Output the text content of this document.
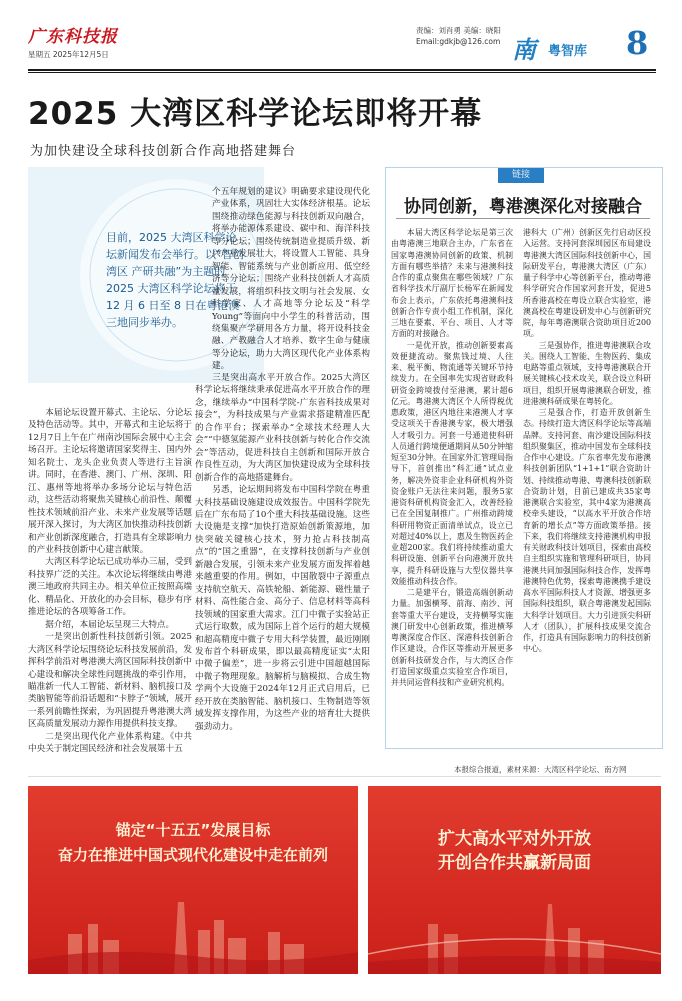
广东科技报
星期五 2025年12月5日
责编：刘肖勇 美编：晓阳
Email:gdkjb@126.com 南 粤智库 8
2025 大湾区科学论坛即将开幕
为加快建设全球科技创新合作高地搭建舞台
目前，2025 大湾区科学论坛新闻发布会举行。以“智创湾区 产研共融”为主题的 2025 大湾区科学论坛将于 12 月 6 日至 8 日在粤港澳三地同步举办。

本届论坛设置开幕式、主论坛、分论坛及特色活动等。其中，开幕式和主论坛将于12月7日上午在广州南沙国际会展中心主会场召开。主论坛将邀请国家奖得主、国内外知名院士、龙头企业负责人等进行主旨演讲。同时，在香港、澳门、广州、深圳、阳江、惠州等地将举办多场分论坛与特色活动，这些活动将聚焦关键核心前沿性、颠覆性技术领域前沿产业、未来产业发展等话题展开深入探讨，为大湾区加快推动科技创新和产业创新深度融合，打造具有全球影响力的产业科技创新中心建言献策。

大湾区科学论坛已成功举办三届，受到科技界广泛的关注。本次论坛将继续由粤港澳三地政府共同主办。相关单位正按照高端化、精品化、开放化的办会目标，稳步有序推进论坛的各项筹备工作。

据介绍，本届论坛呈现三大特点。

一是突出创新性科技创新引领。2025大湾区科学论坛围绕论坛科技发展前沿，发挥科学前沿对粤港澳大湾区国际科技创新中心建设和解决全球性问题挑战的牵引作用，瞄准新一代人工智能、新材料、脑机接口及类脑智能等前沿话题和“卡脖子”领域，展开一系列前瞻性探索，为巩固提升粤港澳大湾区高质量发展动力源作用提供科技支撑。

二是突出现代化产业体系构建。《中共中央关于制定国民经济和社会发展第十五

个五年规划的建议》明确要求建设现代化产业体系，巩固壮大实体经济根基。论坛围绕推动绿色能源与科技创新双向融合，将举办能源体系建设、碳中和、海洋科技等分论坛；围绕传统制造业提质升级、新兴产业发展壮大，将设置人工智能、具身智能、智能系统与产业创新应用、低空经济等分论坛；围绕产业科技创新人才高质量发展，将组织科技文明与社会发展、女科学家、人才高地等分论坛及“科学Young”等面向中小学生的科普活动，围绕集聚产学研用各方力量，将开设科技金融、产教融合人才培养、数字生命与健康等分论坛，助力大湾区现代化产业体系构建。

三是突出高水平开放合作。2025大湾区科学论坛将继续秉承促进高水平开放合作的理念，继续举办“中国科学院-广东省科技成果对接会”，为科技成果与产业需求搭建精准匹配的合作平台；探索举办“全球技术经理人大会”“中德氢能源产业科技创新与转化合作交流会”等活动，促进科技自主创新和国际开放合作良性互动，为大湾区加快建设成为全球科技创新合作的高地搭建舞台。

另悉，论坛期间将发布中国科学院在粤重大科技基础设施建设成效报告。中国科学院先后在广东布局了10个重大科技基础设施。这些大设施是支撑“加快打造原始创新策源地，加快突破关键核心技术，努力抢占科技制高点”的“国之重器”，在支撑科技创新与产业创新融合发展，引领未来产业发展方面发挥着越来越重要的作用。例如，中国散裂中子源重点支持航空航天、高铁轮船、新能源、磁性量子材料、高性能合金、高分子、信息材料等高科技领域的国家重大需求。江门中微子实验站正式运行取数，成为国际上首个运行的超大规模和超高精度中微子专用大科学装置，最近刚刚发布首个科研成果，即以最高精度证实“太阳中微子偏差”，进一步将云引进中国超越国际中微子物理现象。脑解析与脑模拟、合成生物学两个大设施于2024年12月正式启用后，已经开放在类脑智能、脑机接口、生物制造等领域发挥支撑作用，为这些产业的培育壮大提供强劲动力。

链接
协同创新，粤港澳深化对接融合

本届大湾区科学论坛是第三次由粤港澳三地联合主办，广东省在国家粤港澳协同创新的政策、机制方面有哪些举措？未来与港澳科技合作的重点聚焦在哪些领域？广东省科学技术厅副厅长杨军在新闻发布会上表示，广东依托粤港澳科技创新合作专责小组工作机制，深化三地在要素、平台、项目、人才等方面的对接融合。

一是优开放，推动创新要素高效便捷流动。聚焦钱过境、人往来、税平衡、物流通等关键环节持续发力。在全国率先实现省财政科研资金跨境拨付至港澳，累计超6亿元。粤港澳大湾区个人所得税优惠政策，港区内地往来港澳人才享受这项关于香港澳专家，极大增强人才吸引力。河套一号通道使科研人员通行跨境便通期间从50分钟缩短至30分钟。在国家外汇管理局指导下，首创推出“科汇通”试点业务，解决外资非企业科研机构外资资金账户无法往来问题，服务5家港资科研机构资金汇入，改善经验已在全国复制推广。广州推动跨境科研用物资正面清单试点，设立已对超过40%以上，惠及生物医药企业超200家。我们将持续推动重大科研设施、创新平台向港澳开放共享，提升科研设施与大型仪器共享效能推动科技合作。

二是建平台，锻造高端创新动力量。加强横琴、前海、南沙、河套等重大平台建设，支持横琴实施澳门研发中心创新政策，推进横琴粤澳深度合作区、深港科技创新合作区建设，合作区等推动开展更多创新科技研发合作，与大湾区合作打造国家级重点实验室合作项目，并共同运营科技和产业研究机构。

港科大（广州）创新区先行启动区投入运营。支持河套深圳园区布局建设粤港澳大湾区国际科技创新中心，国际研发平台，粤港澳大湾区（广东）量子科学中心等创新平台，推动粤港科学研究合作国家河套开发，促进5所香港高校在粤设立联合实验室，港澳高校在粤建设研发中心与创新研究院，每年粤港澳联合资助项目近200项。

三是强协作，推进粤港澳联合攻关。围绕人工智能、生物医药、集成电路等重点领域，支持粤港澳联合开展关键核心技术攻关，联合设立科研项目，组织开展粤港澳联合研发，推进港澳科研成果在粤转化。

三是强合作，打造开放创新生态。持续打造大湾区科学论坛等高端品牌。支持河套、南沙建设国际科技组织聚集区，推动中国发布全球科技合作中心建设。广东省率先发布港澳科技创新团队“1+1+1”联合资助计划、持续推动粤港、粤澳科技创新联合资助计划，目前已建成共35家粤港澳联合实验室，其中4家为港澳高校牵头建设，“以高水平开放合作培育新的增长点”等方面政策举措。接下来，我们将继续支持港澳机构申报有关财政科技计划项目，探索由高校自主组织实施和管理科研项目，协同港澳共同加强国际科技合作，发挥粤港澳特色优势，探索粤港澳携手建设高水平国际科技人才资源、增强更多国际科技组织，联合粤港澳发起国际大科学计划项目。大力引进顶尖科研人才（团队），扩展科技成果交流合作，打造具有国际影响力的科技创新中心。

本报综合报道，素材来源：大湾区科学论坛、南方网
锚定“十五五”发展目标
奋力在推进中国式现代化建设中走在前列
扩大高水平对外开放
开创合作共赢新局面
